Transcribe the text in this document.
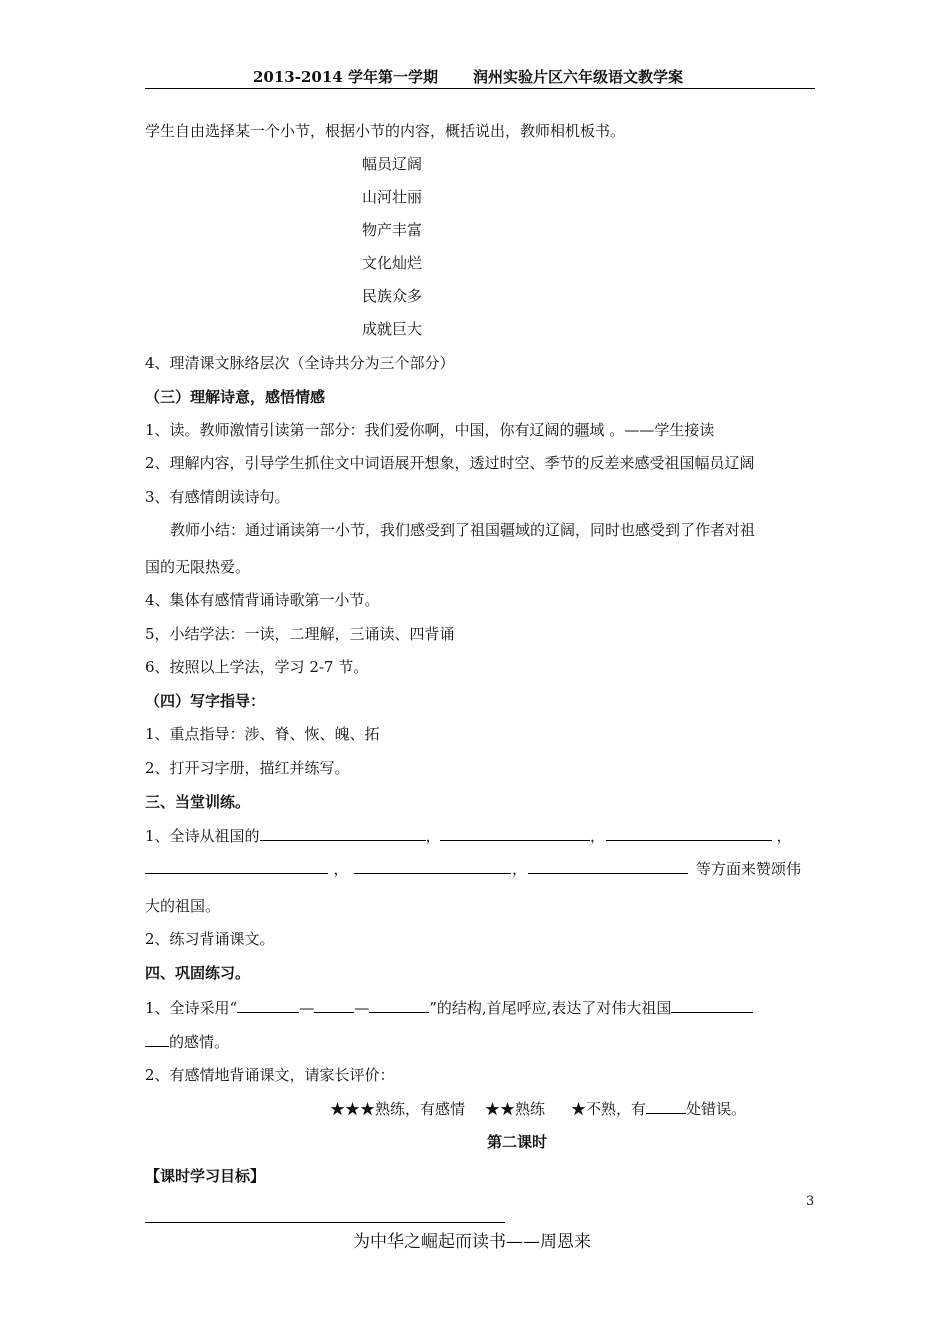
2013-2014 学年第一学期 润州实验片区六年级语文教学案
学生自由选择某一个小节，根据小节的内容，概括说出，教师相机板书。
幅员辽阔
山河壮丽
物产丰富
文化灿烂
民族众多
成就巨大
4、理清课文脉络层次（全诗共分为三个部分）
（三）理解诗意，感悟情感
1、读。教师激情引读第一部分：我们爱你啊，中国，你有辽阔的疆域 。——学生接读
2、理解内容，引导学生抓住文中词语展开想象，透过时空、季节的反差来感受祖国幅员辽阔
3、有感情朗读诗句。
教师小结：通过诵读第一小节，我们感受到了祖国疆域的辽阔，同时也感受到了作者对祖
国的无限热爱。
4、集体有感情背诵诗歌第一小节。
5，小结学法：一读，二理解，三诵读、四背诵
6、按照以上学法，学习 2-7 节。
（四）写字指导：
1、重点指导：涉、脊、恢、魄、拓
2、打开习字册，描红并练写。
三、当堂训练。
1、全诗从祖国的	，	，	，
，	，	等方面来赞颂伟
大的祖国。
2、练习背诵课文。
四、巩固练习。
1、全诗采用“	—	—	”的结构,首尾呼应,表达了对伟大祖国
的感情。
2、有感情地背诵课文，请家长评价：
★★★熟练，有感情 ★★熟练 ★不熟，有	处错误。
第二课时
【课时学习目标】
3
为中华之崛起而读书——周恩来
